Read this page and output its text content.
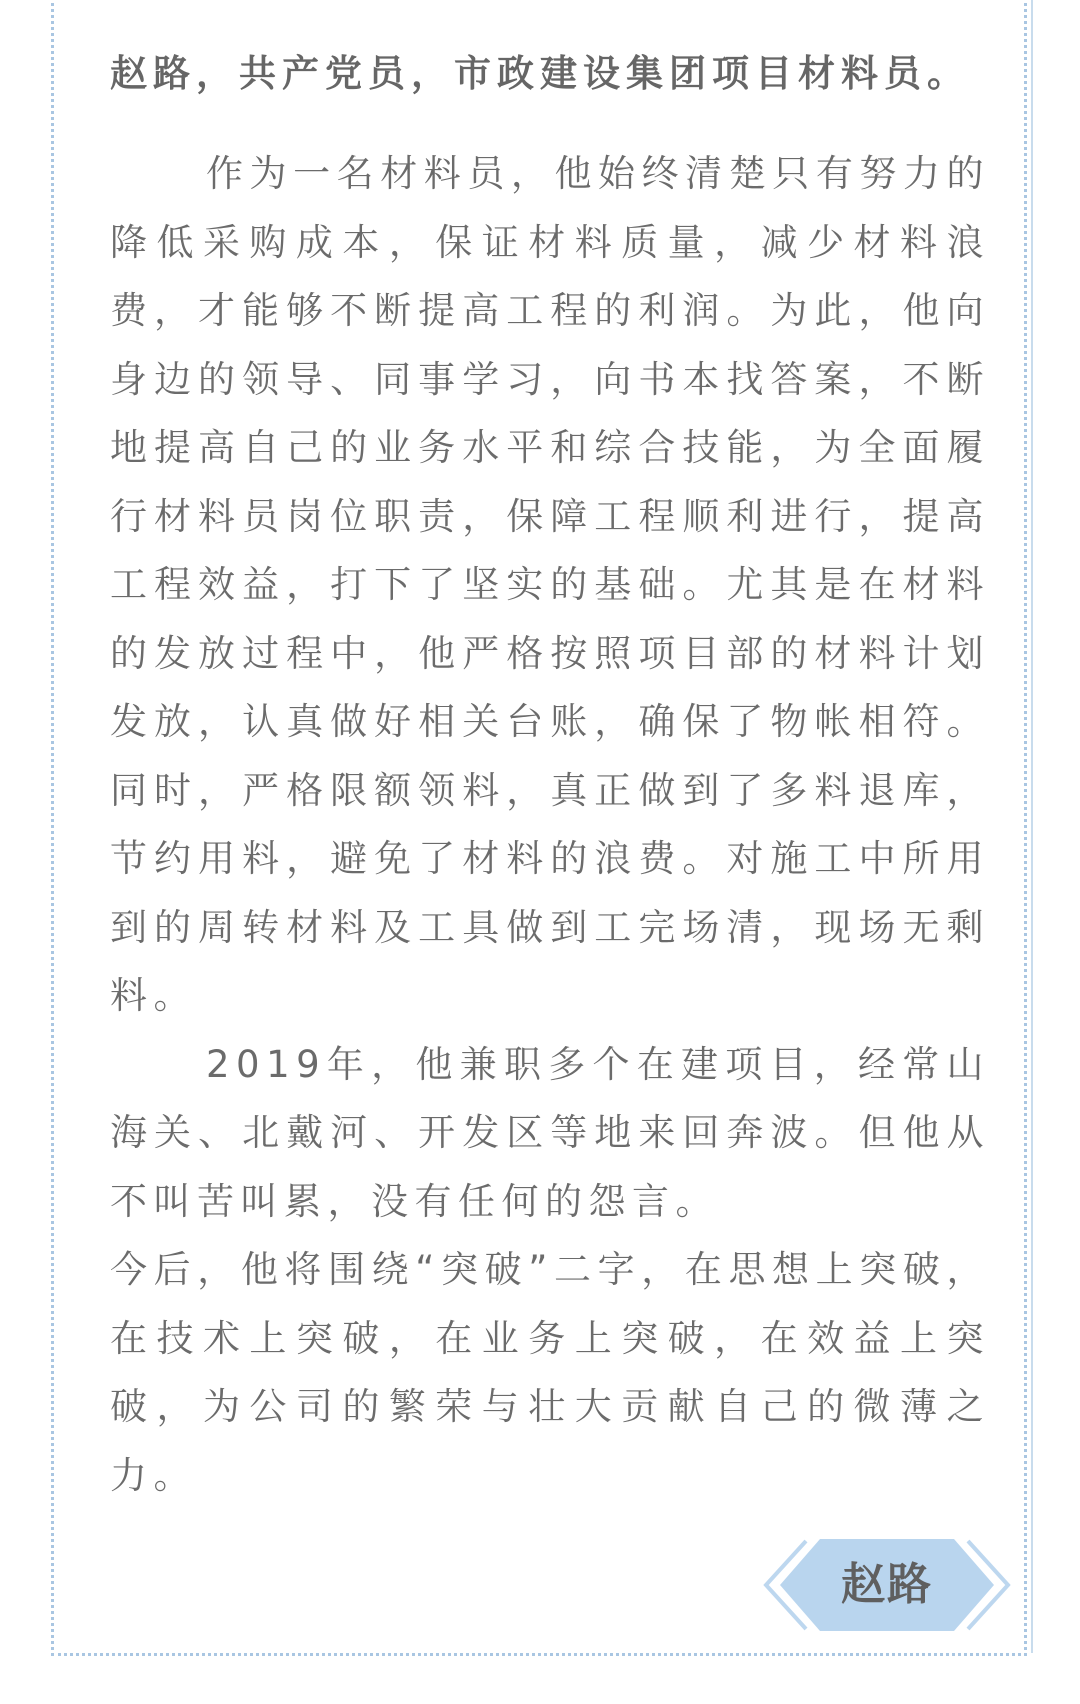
赵路，共产党员，市政建设集团项目材料员。

作为一名材料员，他始终清楚只有努力的降低采购成本，保证材料质量，减少材料浪费，才能够不断提高工程的利润。为此，他向身边的领导、同事学习，向书本找答案，不断地提高自己的业务水平和综合技能，为全面履行材料员岗位职责，保障工程顺利进行，提高工程效益，打下了坚实的基础。尤其是在材料的发放过程中，他严格按照项目部的材料计划发放，认真做好相关台账，确保了物帐相符。同时，严格限额领料，真正做到了多料退库，节约用料，避免了材料的浪费。对施工中所用到的周转材料及工具做到工完场清，现场无剩料。

2019年，他兼职多个在建项目，经常山海关、北戴河、开发区等地来回奔波。但他从不叫苦叫累，没有任何的怨言。

今后，他将围绕“突破”二字，在思想上突破，在技术上突破，在业务上突破，在效益上突破，为公司的繁荣与壮大贡献自己的微薄之力。

赵路
